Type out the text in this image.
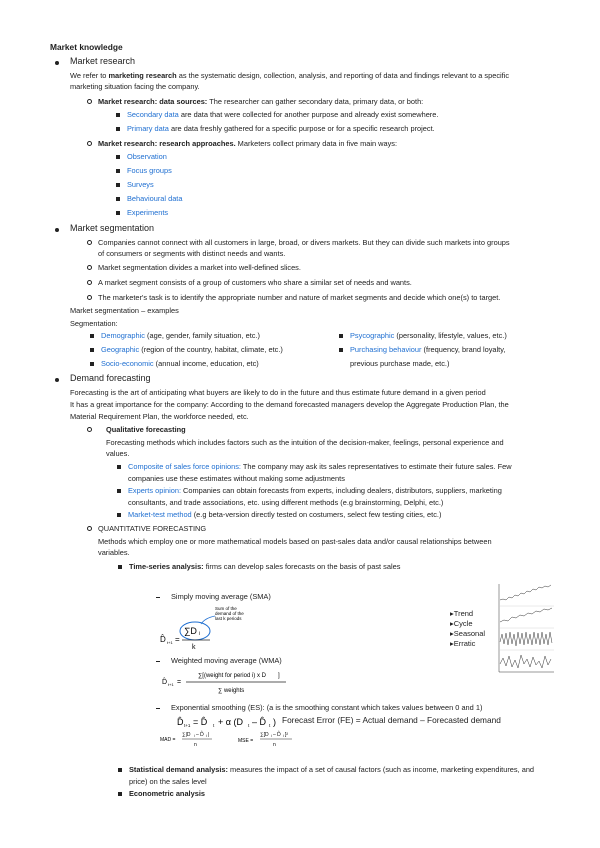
Market knowledge
Market research
We refer to marketing research as the systematic design, collection, analysis, and reporting of data and findings relevant to a specific
marketing situation facing the company.
Market research: data sources: The researcher can gather secondary data, primary data, or both:
Secondary data are data that were collected for another purpose and already exist somewhere.
Primary data are data freshly gathered for a specific purpose or for a specific research project.
Market research: research approaches. Marketers collect primary data in five main ways:
Observation
Focus groups
Surveys
Behavioural data
Experiments
Market segmentation
Companies cannot connect with all customers in large, broad, or divers markets. But they can divide such markets into groups
of consumers or segments with distinct needs and wants.
Market segmentation divides a market into well-defined slices.
A market segment consists of a group of customers who share a similar set of needs and wants.
The marketer's task is to identify the appropriate number and nature of market segments and decide which one(s) to target.
Market segmentation – examples
Segmentation:
Demographic (age, gender, family situation, etc.)
Geographic (region of the country, habitat, climate, etc.)
Socio-economic (annual income, education, etc)
Psycographic (personality, lifestyle, values, etc.)
Purchasing behaviour (frequency, brand loyalty,
previous purchase made, etc.)
Demand forecasting
Forecasting is the art of anticipating what buyers are likely to do in the future and thus estimate future demand in a given period
It has a great importance for the company: According to the demand forecasted managers develop the Aggregate Production Plan, the
Material Requirement Plan, the workforce needed, etc.
Qualitative forecasting
Forecasting methods which includes factors such as the intuition of the decision-maker, feelings, personal experience and
values.
Composite of sales force opinions: The company may ask its sales representatives to estimate their future sales. Few
companies use these estimates without making some adjustments
Experts opinion: Companies can obtain forecasts from experts, including dealers, distributors, suppliers, marketing
consultants, and trade associations, etc. using different methods (e.g brainstorming, Delphi, etc.)
Market-test method (e.g beta-version directly tested on costumers, select few testing cities, etc.)
QUANTITATIVE FORECASTING
Methods which employ one or more mathematical models based on past-sales data and/or causal relationships between
variables.
Time-series analysis: firms can develop sales forecasts on the basis of past sales
Simply moving average (SMA)
Sum of the
demand of the
last k periods
∑D i
D̂ t+1 =
k
Weighted moving average (WMA)
D̂ t+1 =
∑[(weight for period i) x D ]
∑ weights
Exponential smoothing (ES): (a is the smoothing constant which takes values between 0 and 1)
D̂ t+1 = D̂ t + α (D t – D̂ t ) Forecast Error (FE) = Actual demand – Forecasted demand
MAD =
∑|D i – D̂ i |
n
MSE =
∑[D i – D̂ i ]²
n
Statistical demand analysis: measures the impact of a set of causal factors (such as income, marketing expenditures, and
price) on the sales level
Econometric analysis
▸Trend
▸Cycle
▸Seasonal
▸Erratic
